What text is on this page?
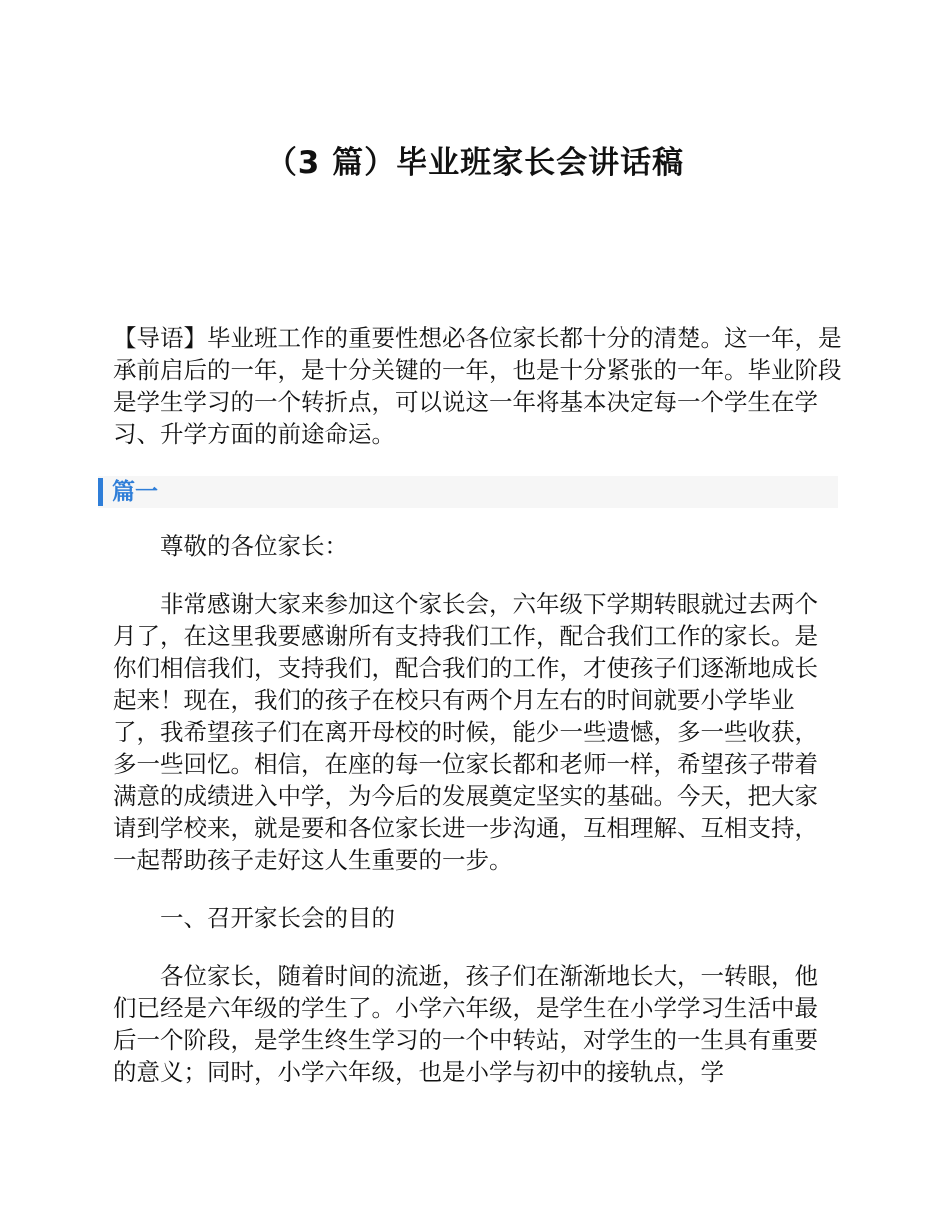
（3 篇）毕业班家长会讲话稿
【导语】毕业班工作的重要性想必各位家长都十分的清楚。这一年，是承前启后的一年，是十分关键的一年，也是十分紧张的一年。毕业阶段是学生学习的一个转折点，可以说这一年将基本决定每一个学生在学习、升学方面的前途命运。
篇一

尊敬的各位家长：

非常感谢大家来参加这个家长会，六年级下学期转眼就过去两个月了，在这里我要感谢所有支持我们工作，配合我们工作的家长。是你们相信我们，支持我们，配合我们的工作，才使孩子们逐渐地成长起来！现在，我们的孩子在校只有两个月左右的时间就要小学毕业了，我希望孩子们在离开母校的时候，能少一些遗憾，多一些收获，多一些回忆。相信，在座的每一位家长都和老师一样，希望孩子带着满意的成绩进入中学，为今后的发展奠定坚实的基础。今天，把大家请到学校来，就是要和各位家长进一步沟通，互相理解、互相支持，一起帮助孩子走好这人生重要的一步。

一、召开家长会的目的

各位家长，随着时间的流逝，孩子们在渐渐地长大，一转眼，他们已经是六年级的学生了。小学六年级，是学生在小学学习生活中最后一个阶段，是学生终生学习的一个中转站，对学生的一生具有重要的意义；同时，小学六年级，也是小学与初中的接轨点，学
